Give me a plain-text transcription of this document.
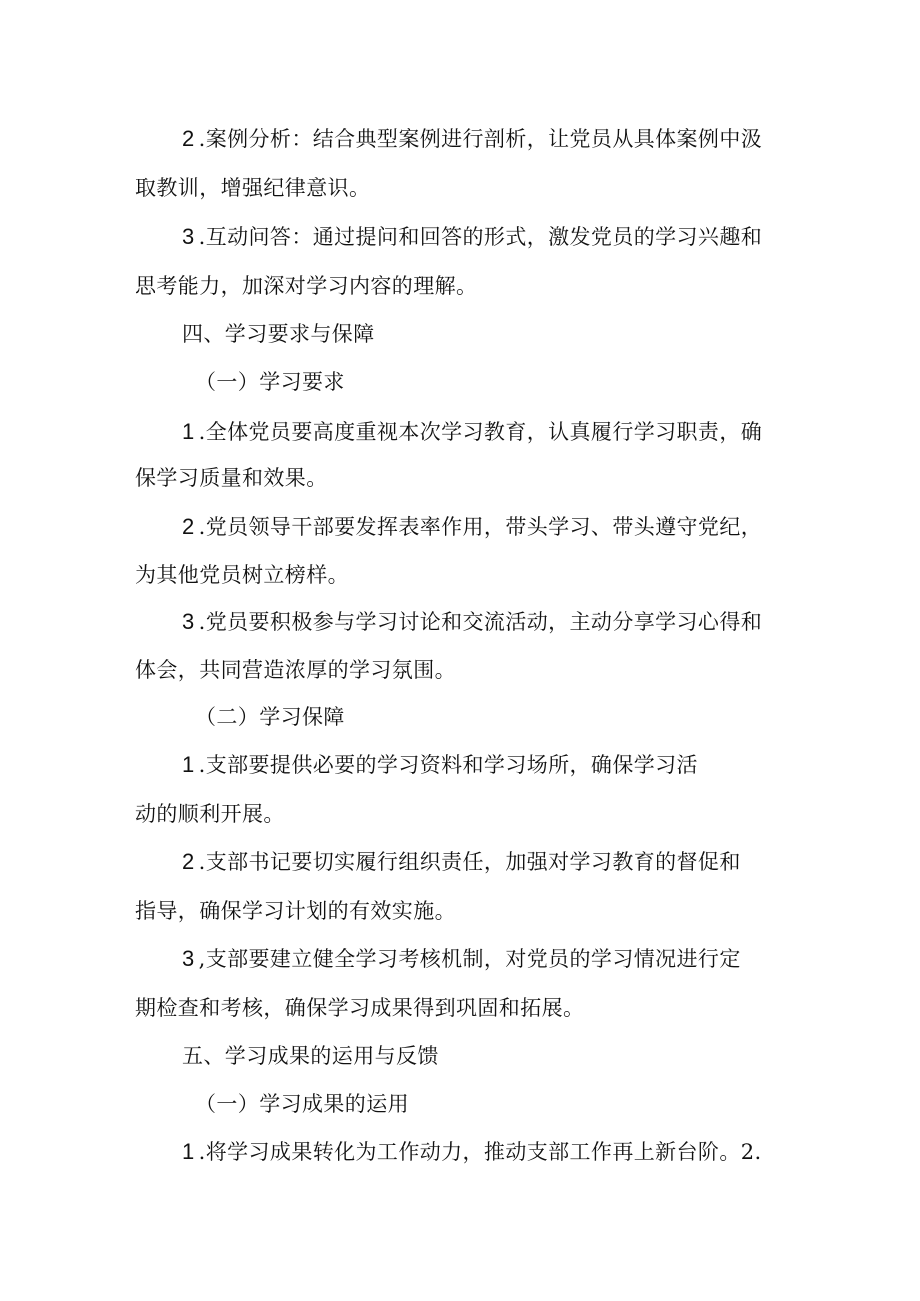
2 .案例分析：结合典型案例进行剖析，让党员从具体案例中汲
取教训，增强纪律意识。
3 .互动问答：通过提问和回答的形式，激发党员的学习兴趣和
思考能力，加深对学习内容的理解。
四、学习要求与保障
（一）学习要求
1 .全体党员要高度重视本次学习教育，认真履行学习职责，确
保学习质量和效果。
2 .党员领导干部要发挥表率作用，带头学习、带头遵守党纪，
为其他党员树立榜样。
3 .党员要积极参与学习讨论和交流活动，主动分享学习心得和
体会，共同营造浓厚的学习氛围。
（二）学习保障
1 .支部要提供必要的学习资料和学习场所，确保学习活
动的顺利开展。
2 .支部书记要切实履行组织责任，加强对学习教育的督促和
指导，确保学习计划的有效实施。
3 ,支部要建立健全学习考核机制，对党员的学习情况进行定
期检查和考核，确保学习成果得到巩固和拓展。
五、学习成果的运用与反馈
（一）学习成果的运用
1 .将学习成果转化为工作动力，推动支部工作再上新台阶。2.
